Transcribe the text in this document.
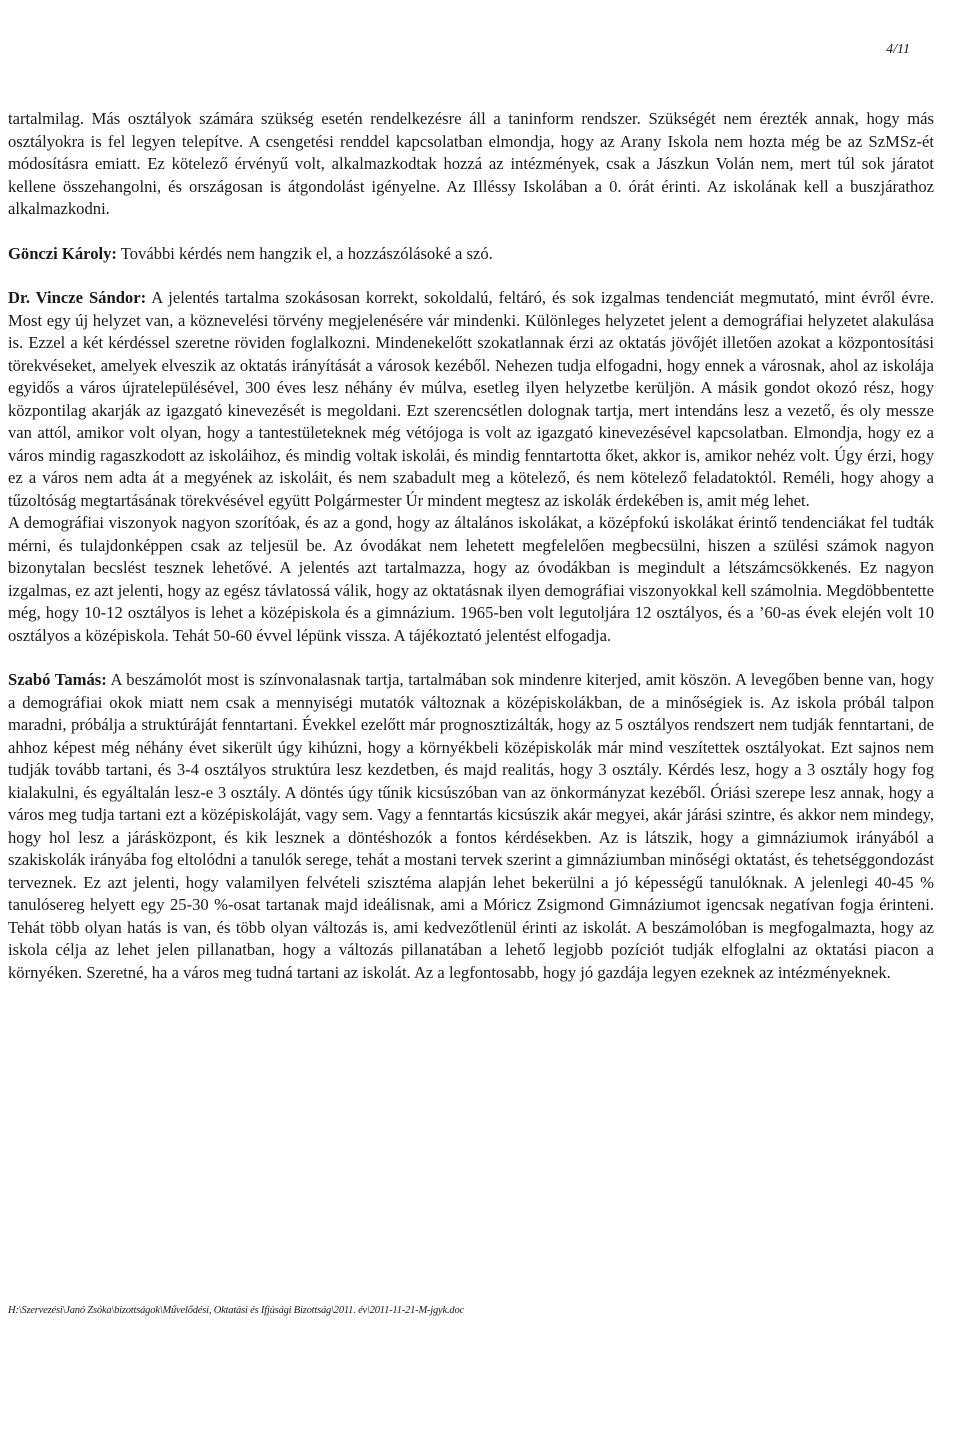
4/11

tartalmilag. Más osztályok számára szükség esetén rendelkezésre áll a taninform rendszer. Szükségét nem érezték annak, hogy más osztályokra is fel legyen telepítve. A csengetési renddel kapcsolatban elmondja, hogy az Arany Iskola nem hozta még be az SzMSz-ét módosításra emiatt. Ez kötelező érvényű volt, alkalmazkodtak hozzá az intézmények, csak a Jászkun Volán nem, mert túl sok járatot kellene összehangolni, és országosan is átgondolást igényelne. Az Illéssy Iskolában a 0. órát érinti. Az iskolának kell a buszjárathoz alkalmazkodni.

Gönczi Károly: További kérdés nem hangzik el, a hozzászólásoké a szó.

Dr. Vincze Sándor: A jelentés tartalma szokásosan korrekt, sokoldalú, feltáró, és sok izgalmas tendenciát megmutató, mint évről évre. Most egy új helyzet van, a köznevelési törvény megjelenésére vár mindenki. Különleges helyzetet jelent a demográfiai helyzetet alakulása is. Ezzel a két kérdéssel szeretne röviden foglalkozni. Mindenekelőtt szokatlannak érzi az oktatás jövőjét illetően azokat a központosítási törekvéseket, amelyek elveszik az oktatás irányítását a városok kezéből. Nehezen tudja elfogadni, hogy ennek a városnak, ahol az iskolája egyidős a város újratelepülésével, 300 éves lesz néhány év múlva, esetleg ilyen helyzetbe kerüljön. A másik gondot okozó rész, hogy központilag akarják az igazgató kinevezését is megoldani. Ezt szerencsétlen dolognak tartja, mert intendáns lesz a vezető, és oly messze van attól, amikor volt olyan, hogy a tantestületeknek még vétójoga is volt az igazgató kinevezésével kapcsolatban. Elmondja, hogy ez a város mindig ragaszkodott az iskoláihoz, és mindig voltak iskolái, és mindig fenntartotta őket, akkor is, amikor nehéz volt. Úgy érzi, hogy ez a város nem adta át a megyének az iskoláit, és nem szabadult meg a kötelező, és nem kötelező feladatoktól. Reméli, hogy ahogy a tűzoltóság megtartásának törekvésével együtt Polgármester Úr mindent megtesz az iskolák érdekében is, amit még lehet.

A demográfiai viszonyok nagyon szorítóak, és az a gond, hogy az általános iskolákat, a középfokú iskolákat érintő tendenciákat fel tudták mérni, és tulajdonképpen csak az teljesül be. Az óvodákat nem lehetett megfelelően megbecsülni, hiszen a szülési számok nagyon bizonytalan becslést tesznek lehetővé. A jelentés azt tartalmazza, hogy az óvodákban is megindult a létszámcsökkenés. Ez nagyon izgalmas, ez azt jelenti, hogy az egész távlatossá válik, hogy az oktatásnak ilyen demográfiai viszonyokkal kell számolnia. Megdöbbentette még, hogy 10-12 osztályos is lehet a középiskola és a gimnázium. 1965-ben volt legutoljára 12 osztályos, és a ’60-as évek elején volt 10 osztályos a középiskola. Tehát 50-60 évvel lépünk vissza. A tájékoztató jelentést elfogadja.

Szabó Tamás: A beszámolót most is színvonalasnak tartja, tartalmában sok mindenre kiterjed, amit köszön. A levegőben benne van, hogy a demográfiai okok miatt nem csak a mennyiségi mutatók változnak a középiskolákban, de a minőségiek is. Az iskola próbál talpon maradni, próbálja a struktúráját fenntartani. Évekkel ezelőtt már prognosztizálták, hogy az 5 osztályos rendszert nem tudják fenntartani, de ahhoz képest még néhány évet sikerült úgy kihúzni, hogy a környékbeli középiskolák már mind veszítettek osztályokat. Ezt sajnos nem tudják tovább tartani, és 3-4 osztályos struktúra lesz kezdetben, és majd realitás, hogy 3 osztály. Kérdés lesz, hogy a 3 osztály hogy fog kialakulni, és egyáltalán lesz-e 3 osztály. A döntés úgy tűnik kicsúszóban van az önkormányzat kezéből. Óriási szerepe lesz annak, hogy a város meg tudja tartani ezt a középiskoláját, vagy sem. Vagy a fenntartás kicsúszik akár megyei, akár járási szintre, és akkor nem mindegy, hogy hol lesz a járásközpont, és kik lesznek a döntéshozók a fontos kérdésekben. Az is látszik, hogy a gimnáziumok irányából a szakiskolák irányába fog eltolódni a tanulók serege, tehát a mostani tervek szerint a gimnáziumban minőségi oktatást, és tehetséggondozást terveznek. Ez azt jelenti, hogy valamilyen felvételi szisztéma alapján lehet bekerülni a jó képességű tanulóknak. A jelenlegi 40-45 % tanulósereg helyett egy 25-30 %-osat tartanak majd ideálisnak, ami a Móricz Zsigmond Gimnáziumot igencsak negatívan fogja érinteni. Tehát több olyan hatás is van, és több olyan változás is, ami kedvezőtlenül érinti az iskolát. A beszámolóban is megfogalmazta, hogy az iskola célja az lehet jelen pillanatban, hogy a változás pillanatában a lehető legjobb pozíciót tudják elfoglalni az oktatási piacon a környéken. Szeretné, ha a város meg tudná tartani az iskolát. Az a legfontosabb, hogy jó gazdája legyen ezeknek az intézményeknek.

H:\Szervezési\Janó Zsóka\bizottságok\Művelődési, Oktatási és Ifjúsági Bizottság\2011. év\2011-11-21-M-jgyk.doc
